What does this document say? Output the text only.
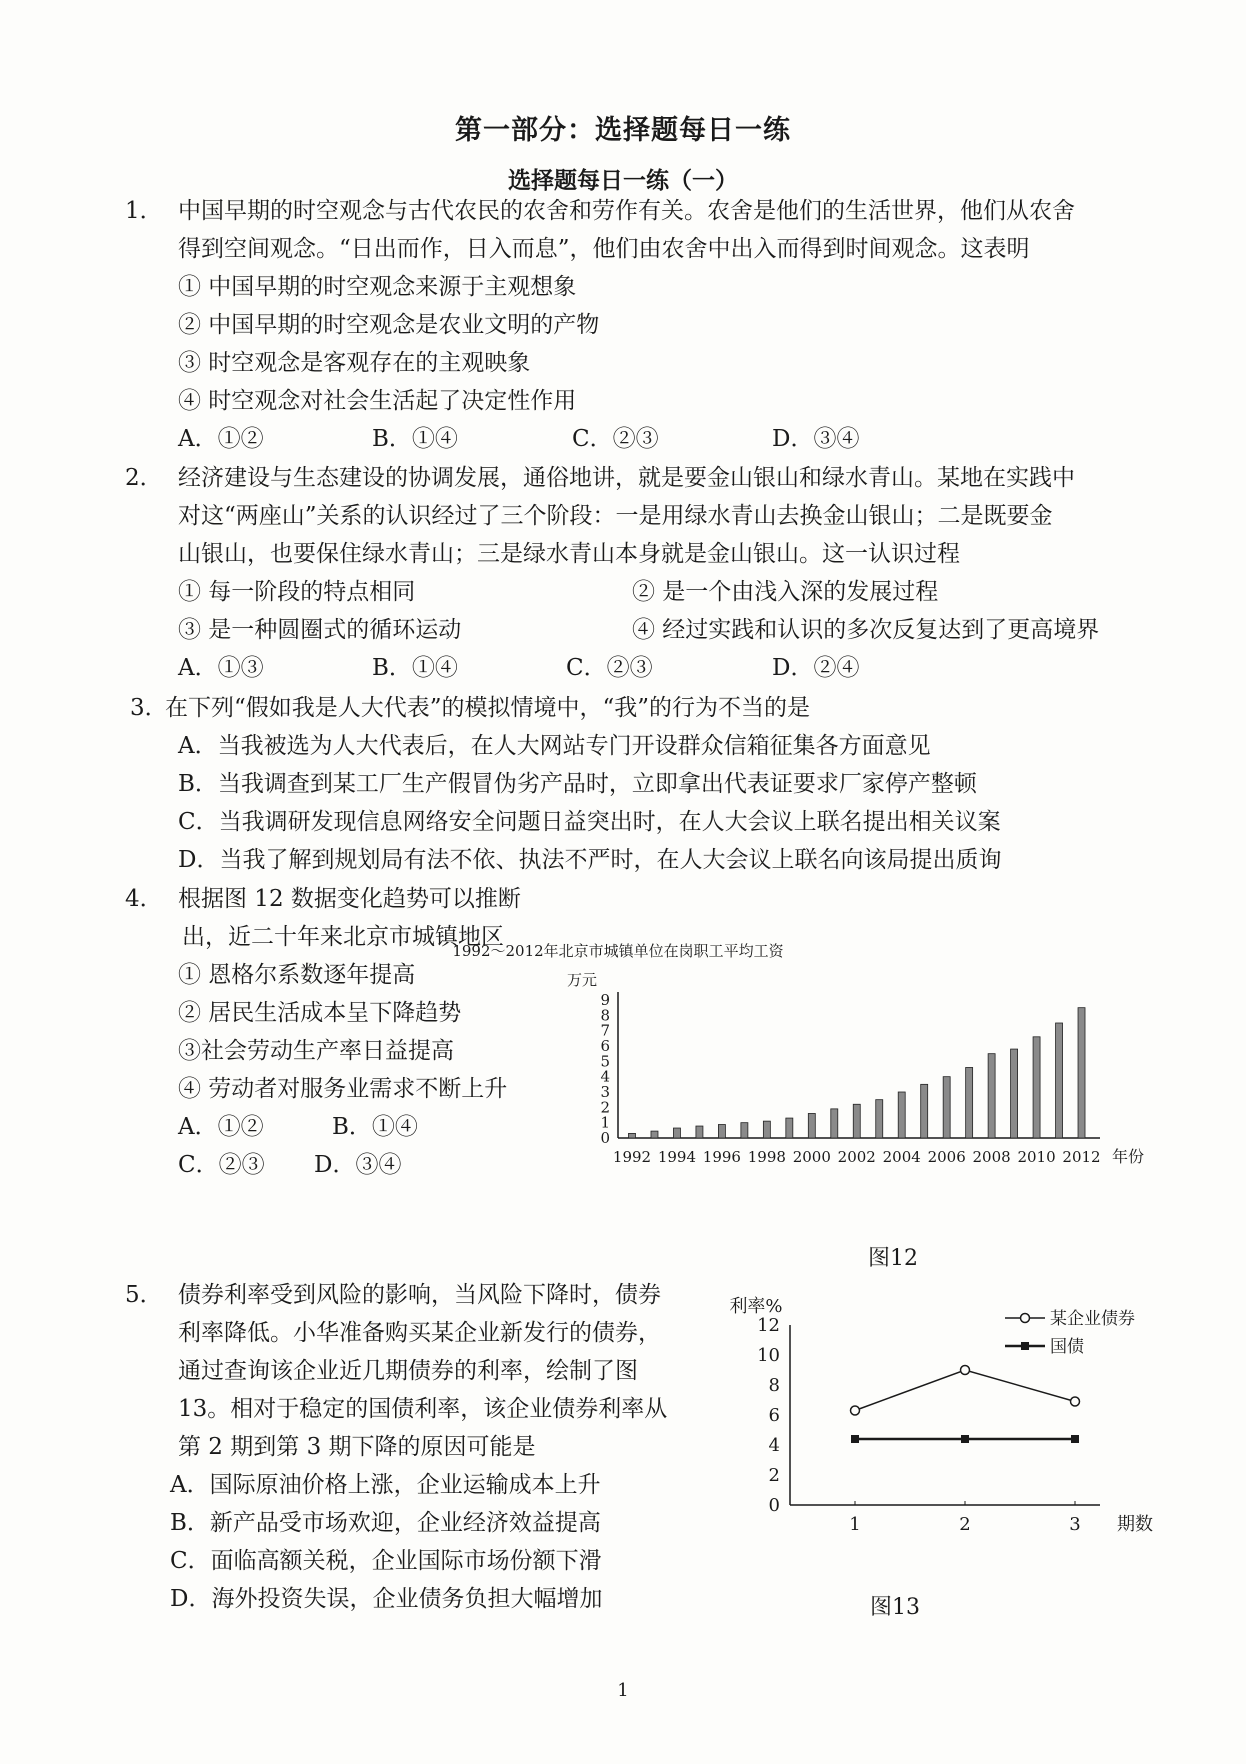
第一部分：选择题每日一练
选择题每日一练（一）
1． 中国早期的时空观念与古代农民的农舍和劳作有关。农舍是他们的生活世界，他们从农舍
得到空间观念。“日出而作，日入而息”，他们由农舍中出入而得到时间观念。这表明
① 中国早期的时空观念来源于主观想象
② 中国早期的时空观念是农业文明的产物
③ 时空观念是客观存在的主观映象
④ 时空观念对社会生活起了决定性作用
A．①②	B．①④	C．②③	D．③④
2． 经济建设与生态建设的协调发展，通俗地讲，就是要金山银山和绿水青山。某地在实践中
对这“两座山”关系的认识经过了三个阶段：一是用绿水青山去换金山银山；二是既要金
山银山，也要保住绿水青山；三是绿水青山本身就是金山银山。这一认识过程
① 每一阶段的特点相同	② 是一个由浅入深的发展过程
③ 是一种圆圈式的循环运动	④ 经过实践和认识的多次反复达到了更高境界
A．①③	B．①④	C．②③	D．②④
3．
在下列“假如我是人大代表”的模拟情境中，“我”的行为不当的是
A．当我被选为人大代表后，在人大网站专门开设群众信箱征集各方面意见
B．当我调查到某工厂生产假冒伪劣产品时，立即拿出代表证要求厂家停产整顿
C．当我调研发现信息网络安全问题日益突出时，在人大会议上联名提出相关议案
D．当我了解到规划局有法不依、执法不严时，在人大会议上联名向该局提出质询
4． 根据图 12 数据变化趋势可以推断
出，近二十年来北京市城镇地区
① 恩格尔系数逐年提高
② 居民生活成本呈下降趋势
③社会劳动生产率日益提高
④ 劳动者对服务业需求不断上升
A．①②	B．①④
C．②③ D．③④
1992～2012年北京市城镇单位在岗职工平均工资
万元
0
1
2
3
4
5
6
7
8
9
1992 1994 1996 1998 2000 2002 2004 2006 2008 2010 2012 年份
图12
5． 债券利率受到风险的影响，当风险下降时，债券
利率降低。小华准备购买某企业新发行的债券，
通过查询该企业近几期债券的利率，绘制了图
13。相对于稳定的国债利率，该企业债券利率从
第 2 期到第 3 期下降的原因可能是
A．国际原油价格上涨，企业运输成本上升
B．新产品受市场欢迎，企业经济效益提高
C．面临高额关税，企业国际市场份额下滑
D．海外投资失误，企业债务负担大幅增加
利率%
0
2
4
6
8
10
12
1	2	3
某企业债券
国债
期数
图13
1
